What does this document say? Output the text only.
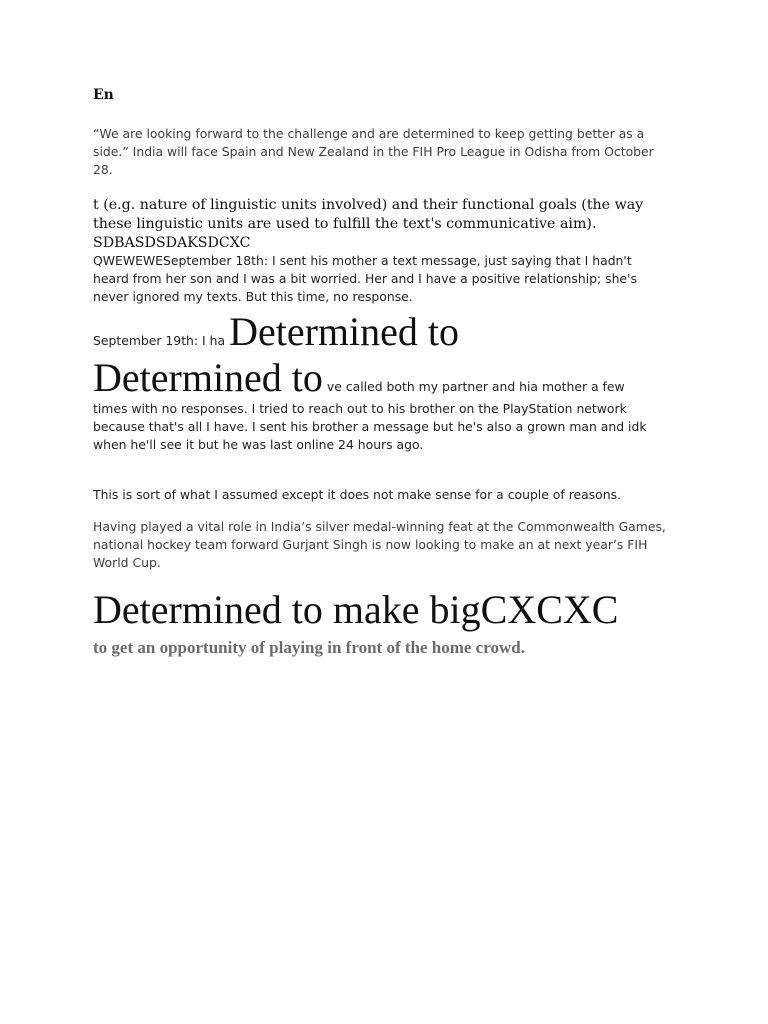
En
“We are looking forward to the challenge and are determined to keep getting better as a side.” India will face Spain and New Zealand in the FIH Pro League in Odisha from October 28.
t (e.g. nature of linguistic units involved) and their functional goals (the way these linguistic units are used to fulfill the text's communicative aim).
SDBASDSDAKSDCXC
QWEWEWESeptember 18th: I sent his mother a text message, just saying that I hadn't heard from her son and I was a bit worried. Her and I have a positive relationship; she's never ignored my texts. But this time, no response.
September 19th: I ha Determined to
Determined to ve called both my partner and hia mother a few
times with no responses. I tried to reach out to his brother on the PlayStation network because that's all I have. I sent his brother a message but he's also a grown man and idk when he'll see it but he was last online 24 hours ago.
This is sort of what I assumed except it does not make sense for a couple of reasons.
Having played a vital role in India’s silver medal-winning feat at the Commonwealth Games, national hockey team forward Gurjant Singh is now looking to make an at next year’s FIH World Cup.
Determined to make bigCXCXC
to get an opportunity of playing in front of the home crowd.
